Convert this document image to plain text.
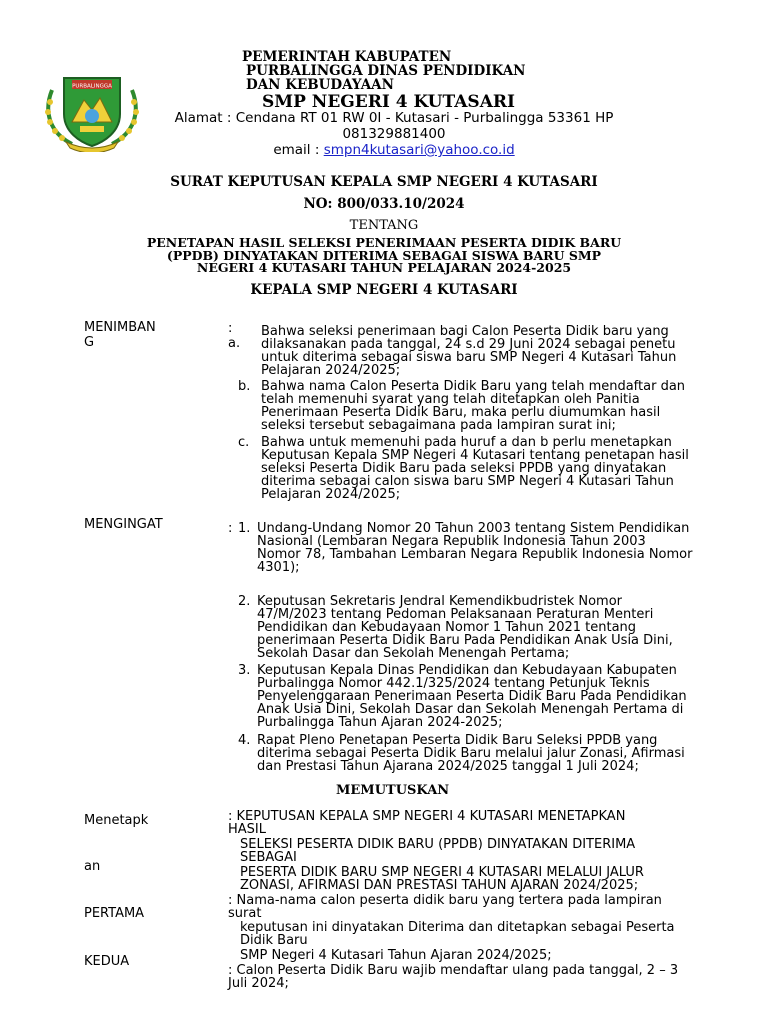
PURBALINGGA
PEMERINTAH KABUPATEN
PURBALINGGA DINAS PENDIDIKAN
DAN KEBUDAYAAN
SMP NEGERI 4 KUTASARI
Alamat : Cendana RT 01 RW 0I - Kutasari - Purbalingga 53361 HP
081329881400
email : smpn4kutasari@yahoo.co.id
SURAT KEPUTUSAN KEPALA SMP NEGERI 4 KUTASARI
NO: 800/033.10/2024
TENTANG
PENETAPAN HASIL SELEKSI PENERIMAAN PESERTA DIDIK BARU
(PPDB) DINYATAKAN DITERIMA SEBAGAI SISWA BARU SMP
NEGERI 4 KUTASARI TAHUN PELAJARAN 2024-2025
KEPALA SMP NEGERI 4 KUTASARI
MENIMBAN
G
:
a.
Bahwa seleksi penerimaan bagi Calon Peserta Didik baru yang
dilaksanakan pada tanggal, 24 s.d 29 Juni 2024 sebagai penetu
untuk diterima sebagai siswa baru SMP Negeri 4 Kutasari Tahun
Pelajaran 2024/2025;
b. Bahwa nama Calon Peserta Didik Baru yang telah mendaftar dan
telah memenuhi syarat yang telah ditetapkan oleh Panitia
Penerimaan Peserta Didik Baru, maka perlu diumumkan hasil
seleksi tersebut sebagaimana pada lampiran surat ini;
c. Bahwa untuk memenuhi pada huruf a dan b perlu menetapkan
Keputusan Kepala SMP Negeri 4 Kutasari tentang penetapan hasil
seleksi Peserta Didik Baru pada seleksi PPDB yang dinyatakan
diterima sebagai calon siswa baru SMP Negeri 4 Kutasari Tahun
Pelajaran 2024/2025;
MENGINGAT	: 1. Undang-Undang Nomor 20 Tahun 2003 tentang Sistem Pendidikan
Nasional (Lembaran Negara Republik Indonesia Tahun 2003
Nomor 78, Tambahan Lembaran Negara Republik Indonesia Nomor
4301);
2. Keputusan Sekretaris Jendral Kemendikbudristek Nomor
47/M/2023 tentang Pedoman Pelaksanaan Peraturan Menteri
Pendidikan dan Kebudayaan Nomor 1 Tahun 2021 tentang
penerimaan Peserta Didik Baru Pada Pendidikan Anak Usia Dini,
Sekolah Dasar dan Sekolah Menengah Pertama;
3. Keputusan Kepala Dinas Pendidikan dan Kebudayaan Kabupaten
Purbalingga Nomor 442.1/325/2024 tentang Petunjuk Teknis
Penyelenggaraan Penerimaan Peserta Didik Baru Pada Pendidikan
Anak Usia Dini, Sekolah Dasar dan Sekolah Menengah Pertama di
Purbalingga Tahun Ajaran 2024-2025;
4. Rapat Pleno Penetapan Peserta Didik Baru Seleksi PPDB yang
diterima sebagai Peserta Didik Baru melalui jalur Zonasi, Afirmasi
dan Prestasi Tahun Ajarana 2024/2025 tanggal 1 Juli 2024;
MEMUTUSKAN
Menetapk
an
PERTAMA
KEDUA
: KEPUTUSAN KEPALA SMP NEGERI 4 KUTASARI MENETAPKAN
HASIL
SELEKSI PESERTA DIDIK BARU (PPDB) DINYATAKAN DITERIMA
SEBAGAI
PESERTA DIDIK BARU SMP NEGERI 4 KUTASARI MELALUI JALUR
ZONASI, AFIRMASI DAN PRESTASI TAHUN AJARAN 2024/2025;
: Nama-nama calon peserta didik baru yang tertera pada lampiran
surat
keputusan ini dinyatakan Diterima dan ditetapkan sebagai Peserta
Didik Baru
SMP Negeri 4 Kutasari Tahun Ajaran 2024/2025;
: Calon Peserta Didik Baru wajib mendaftar ulang pada tanggal, 2 – 3
Juli 2024;
